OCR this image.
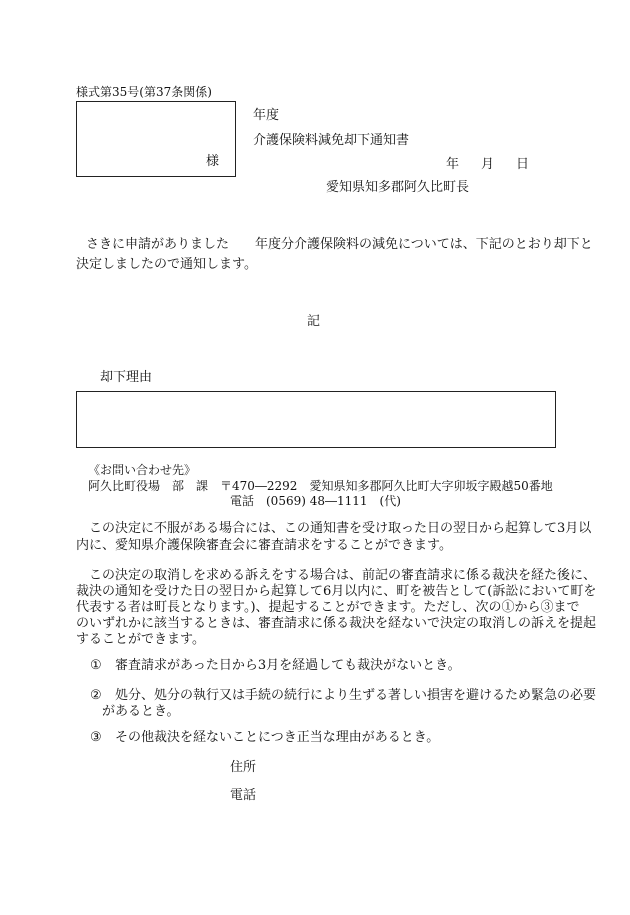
様式第35号(第37条関係)
様
年度
介護保険料減免却下通知書
年 月 日
愛知県知多郡阿久比町長
さきに申請がありました　　年度分介護保険料の減免については、下記のとおり却下と
決定しましたので通知します。
記
却下理由
《お問い合わせ先》
阿久比町役場　部　課　〒470―2292　愛知県知多郡阿久比町大字卯坂字殿越50番地
電話　(0569) 48―1111　(代)
この決定に不服がある場合には、この通知書を受け取った日の翌日から起算して3月以
内に、愛知県介護保険審査会に審査請求をすることができます。
この決定の取消しを求める訴えをする場合は、前記の審査請求に係る裁決を経た後に、
裁決の通知を受けた日の翌日から起算して6月以内に、町を被告として(訴訟において町を
代表する者は町長となります。)、提起することができます。ただし、次の①から③まで
のいずれかに該当するときは、審査請求に係る裁決を経ないで決定の取消しの訴えを提起
することができます。
① 審査請求があった日から3月を経過しても裁決がないとき。
② 処分、処分の執行又は手続の続行により生ずる著しい損害を避けるため緊急の必要
があるとき。
③ その他裁決を経ないことにつき正当な理由があるとき。
住所
電話
